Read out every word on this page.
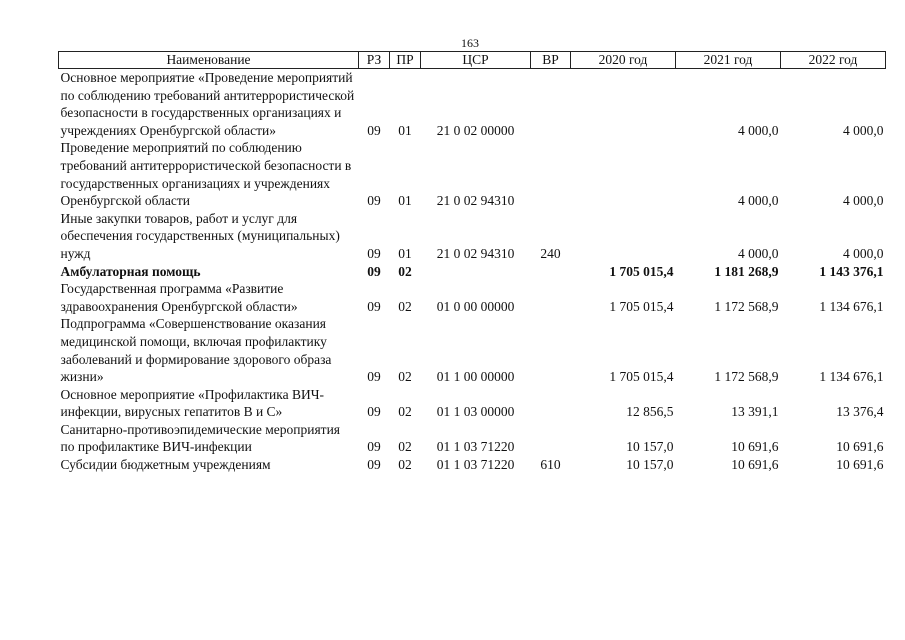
163
Наименование	РЗ	ПР	ЦСР	ВР	2020 год	2021 год	2022 год
Основное мероприятие «Проведение мероприятий по соблюдению требований антитеррористической безопасности в государственных организациях и учреждениях Оренбургской области»	09	01	21 0 02 00000			4 000,0	4 000,0
Проведение мероприятий по соблюдению требований антитеррористической безопасности в государственных организациях и учреждениях Оренбургской области	09	01	21 0 02 94310			4 000,0	4 000,0
Иные закупки товаров, работ и услуг для обеспечения государственных (муниципальных) нужд	09	01	21 0 02 94310	240		4 000,0	4 000,0
Амбулаторная помощь	09	02			1 705 015,4	1 181 268,9	1 143 376,1
Государственная программа «Развитие здравоохранения Оренбургской области»	09	02	01 0 00 00000		1 705 015,4	1 172 568,9	1 134 676,1
Подпрограмма «Совершенствование оказания медицинской помощи, включая профилактику заболеваний и формирование здорового образа жизни»	09	02	01 1 00 00000		1 705 015,4	1 172 568,9	1 134 676,1
Основное мероприятие «Профилактика ВИЧ-инфекции, вирусных гепатитов В и С»	09	02	01 1 03 00000		12 856,5	13 391,1	13 376,4
Санитарно-противоэпидемические мероприятия по профилактике ВИЧ-инфекции	09	02	01 1 03 71220		10 157,0	10 691,6	10 691,6
Субсидии бюджетным учреждениям	09	02	01 1 03 71220	610	10 157,0	10 691,6	10 691,6
